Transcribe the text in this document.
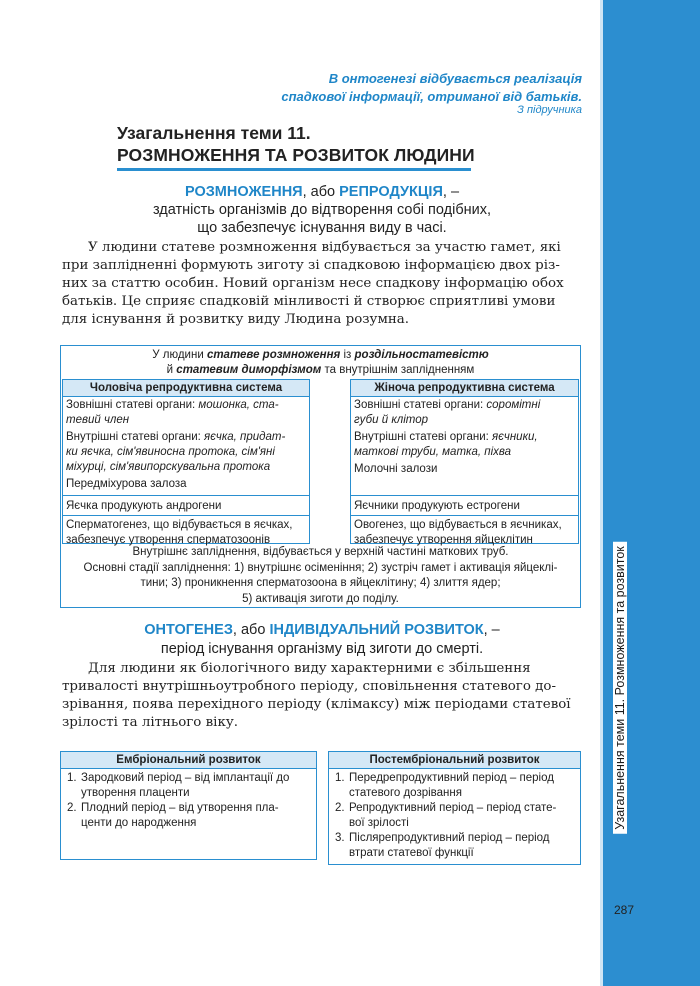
Узагальнення теми 11. Розмноження та розвиток
287
В онтогенезі відбувається реалізація
спадкової інформації, отриманої від батьків.
З підручника
Узагальнення теми 11.
РОЗМНОЖЕННЯ ТА РОЗВИТОК ЛЮДИНИ
РОЗМНОЖЕННЯ, або РЕПРОДУКЦІЯ, –
здатність організмів до відтворення собі подібних,
що забезпечує існування виду в часі.
У людини статеве розмноження відбувається за участю гамет, які
при заплідненні формують зиготу зі спадковою інформацією двох різ-
них за статтю особин. Новий організм несе спадкову інформацію обох
батьків. Це сприяє спадковій мінливості й створює сприятливі умови
для існування й розвитку виду Людина розумна.
У людини статеве розмноження із роздільностатевістю
й статевим диморфізмом та внутрішнім заплідненням
Чоловіча репродуктивна система
Зовнішні статеві органи: мошонка, ста-
тевий член
Внутрішні статеві органи: яєчка, придат-
ки яєчка, сім'явиносна протока, сім'яні
міхурці, сім'явипорскувальна протока
Передміхурова залоза
Яєчка продукують андрогени
Сперматогенез, що відбувається в яєчках,
забезпечує утворення сперматозоонів
Жіноча репродуктивна система
Зовнішні статеві органи: соромітні
губи й клітор
Внутрішні статеві органи: яєчники,
маткові труби, матка, піхва
Молочні залози
Яєчники продукують естрогени
Овогенез, що відбувається в яєчниках,
забезпечує утворення яйцеклітин
Внутрішнє запліднення, відбувається у верхній частині маткових труб.
Основні стадії запліднення: 1) внутрішнє осіменіння; 2) зустріч гамет і активація яйцеклі-
тини; 3) проникнення сперматозоона в яйцеклітину; 4) злиття ядер;
5) активація зиготи до поділу.
ОНТОГЕНЕЗ, або ІНДИВІДУАЛЬНИЙ РОЗВИТОК, –
період існування організму від зиготи до смерті.
Для людини як біологічного виду характерними є збільшення
тривалості внутрішньоутробного періоду, сповільнення статевого до-
зрівання, поява перехідного періоду (клімаксу) між періодами статевої
зрілості та літнього віку.
Ембріональний розвиток
1. Зародковий період – від імплантації до
утворення плаценти
2. Плодний період – від утворення пла-
центи до народження
Постембріональний розвиток
1. Передрепродуктивний період – період
статевого дозрівання
2. Репродуктивний період – період стате-
вої зрілості
3. Післярепродуктивний період – період
втрати статевої функції
